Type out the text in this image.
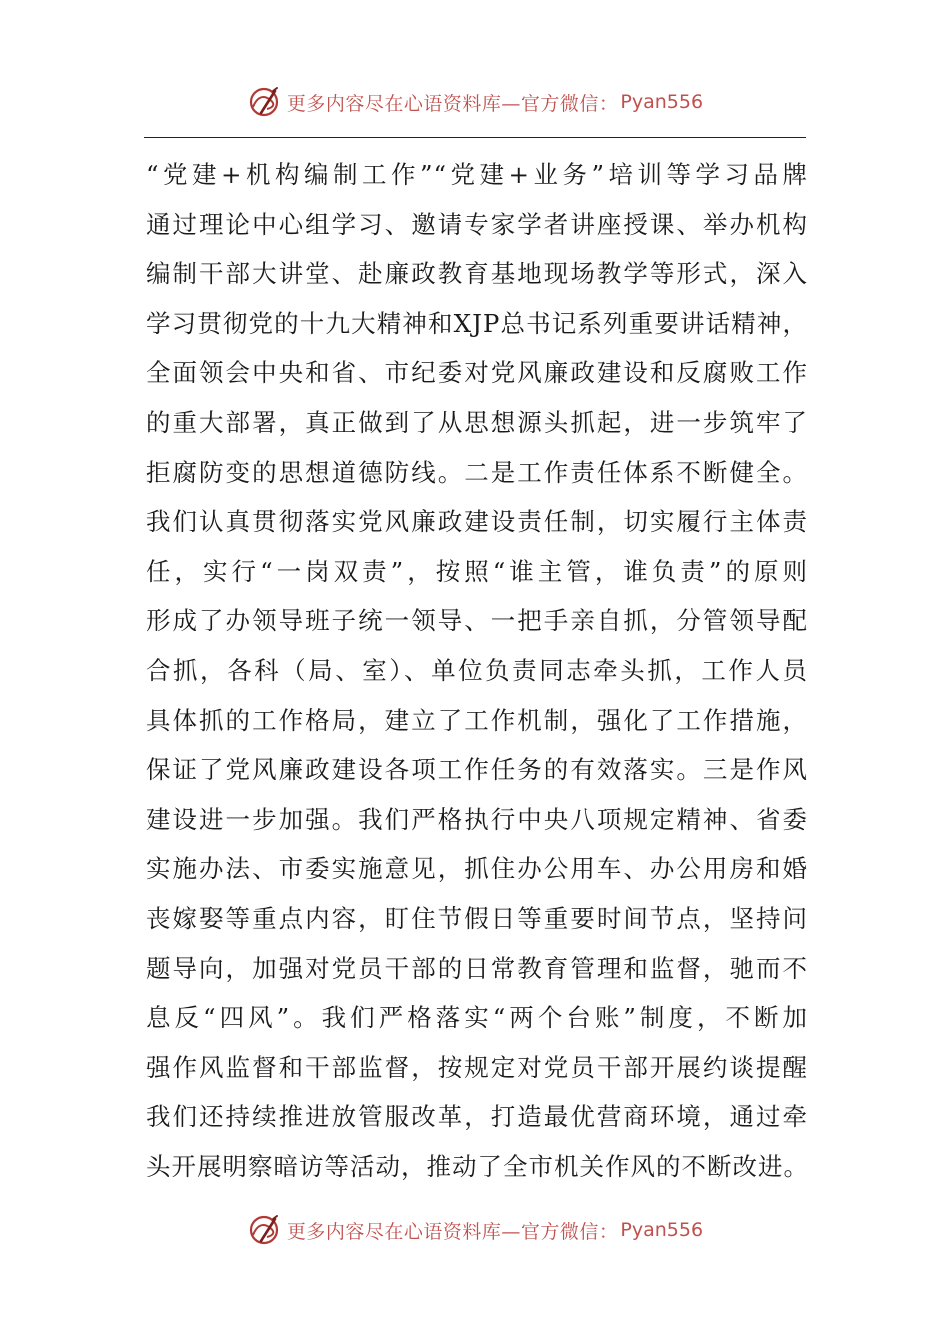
更多内容尽在心语资料库—官方微信： Pyan556
“党建+机构编制工作”“党建+业务”培训等学习品牌
通过理论中心组学习、邀请专家学者讲座授课、举办机构
编制干部大讲堂、赴廉政教育基地现场教学等形式，深入
学习贯彻党的十九大精神和XJP总书记系列重要讲话精神，
全面领会中央和省、市纪委对党风廉政建设和反腐败工作
的重大部署，真正做到了从思想源头抓起，进一步筑牢了
拒腐防变的思想道德防线。二是工作责任体系不断健全。
我们认真贯彻落实党风廉政建设责任制，切实履行主体责
任，实行“一岗双责”，按照“谁主管，谁负责”的原则
形成了办领导班子统一领导、一把手亲自抓，分管领导配
合抓，各科（局、室）、单位负责同志牵头抓，工作人员
具体抓的工作格局，建立了工作机制，强化了工作措施，
保证了党风廉政建设各项工作任务的有效落实。三是作风
建设进一步加强。我们严格执行中央八项规定精神、省委
实施办法、市委实施意见，抓住办公用车、办公用房和婚
丧嫁娶等重点内容，盯住节假日等重要时间节点，坚持问
题导向，加强对党员干部的日常教育管理和监督，驰而不
息反“四风”。我们严格落实“两个台账”制度，不断加
强作风监督和干部监督，按规定对党员干部开展约谈提醒
我们还持续推进放管服改革，打造最优营商环境，通过牵
头开展明察暗访等活动，推动了全市机关作风的不断改进。
更多内容尽在心语资料库—官方微信： Pyan556
